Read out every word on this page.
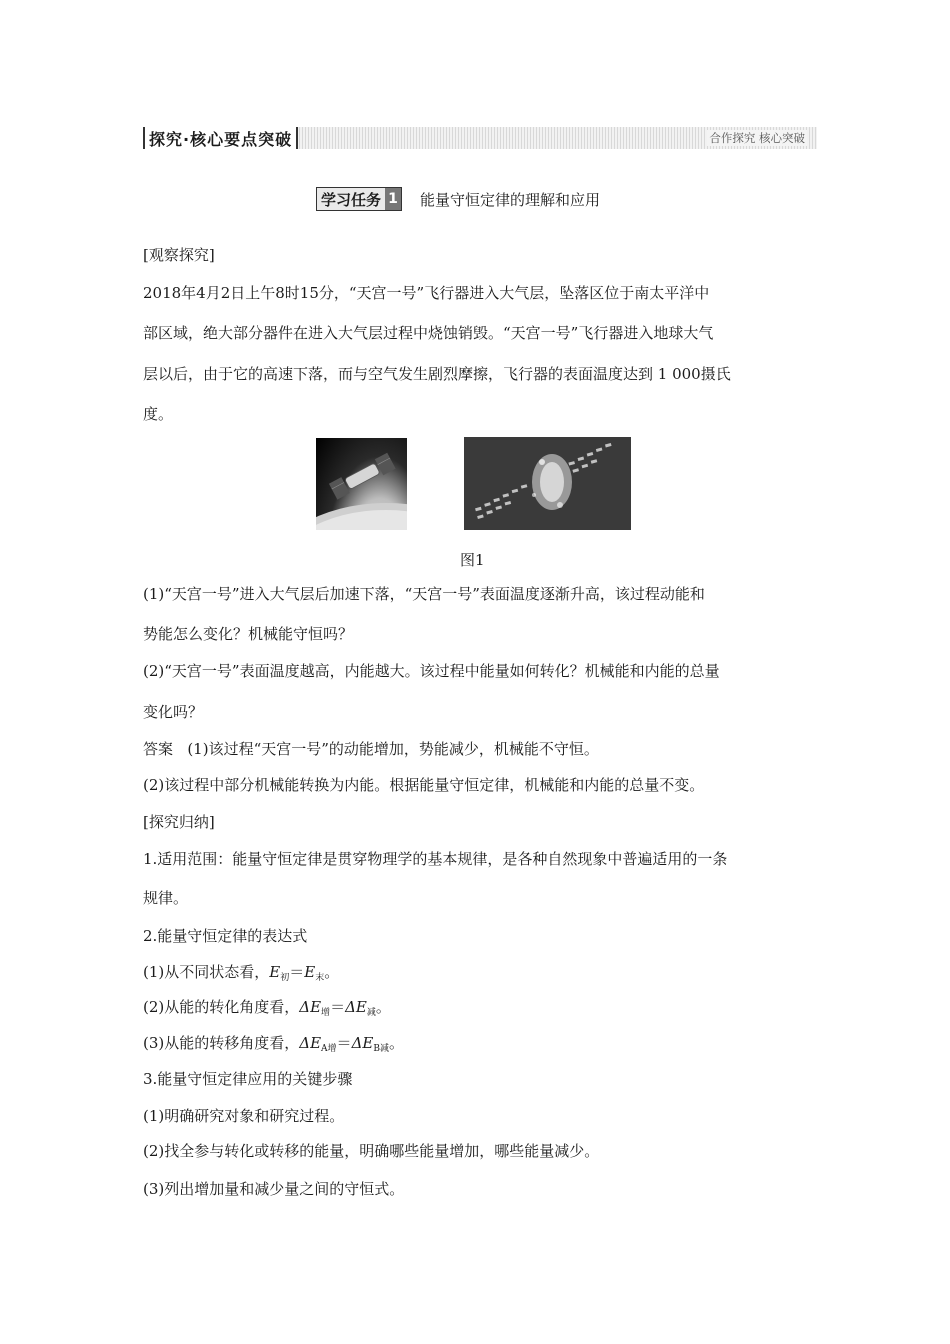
探究·核心要点突破	合作探究 核心突破
学习任务 1 能量守恒定律的理解和应用
[观察探究]
2018年4月2日上午8时15分，“天宫一号”飞行器进入大气层，坠落区位于南太平洋中
部区域，绝大部分器件在进入大气层过程中烧蚀销毁。“天宫一号”飞行器进入地球大气
层以后，由于它的高速下落，而与空气发生剧烈摩擦，飞行器的表面温度达到 1 000摄氏
度。
图1
(1)“天宫一号”进入大气层后加速下落，“天宫一号”表面温度逐渐升高，该过程动能和
势能怎么变化？机械能守恒吗？
(2)“天宫一号”表面温度越高，内能越大。该过程中能量如何转化？机械能和内能的总量
变化吗？
答案 (1)该过程“天宫一号”的动能增加，势能减少，机械能不守恒。
(2)该过程中部分机械能转换为内能。根据能量守恒定律，机械能和内能的总量不变。
[探究归纳]
1.适用范围：能量守恒定律是贯穿物理学的基本规律，是各种自然现象中普遍适用的一条
规律。
2.能量守恒定律的表达式
(1)从不同状态看，$E_初=E_末$。
(2)从能的转化角度看，$\Delta E_增=\Delta E_减$。
(3)从能的转移角度看，$\Delta E_{A增}=\Delta E_{B减}$。
3.能量守恒定律应用的关键步骤
(1)明确研究对象和研究过程。
(2)找全参与转化或转移的能量，明确哪些能量增加，哪些能量减少。
(3)列出增加量和减少量之间的守恒式。
